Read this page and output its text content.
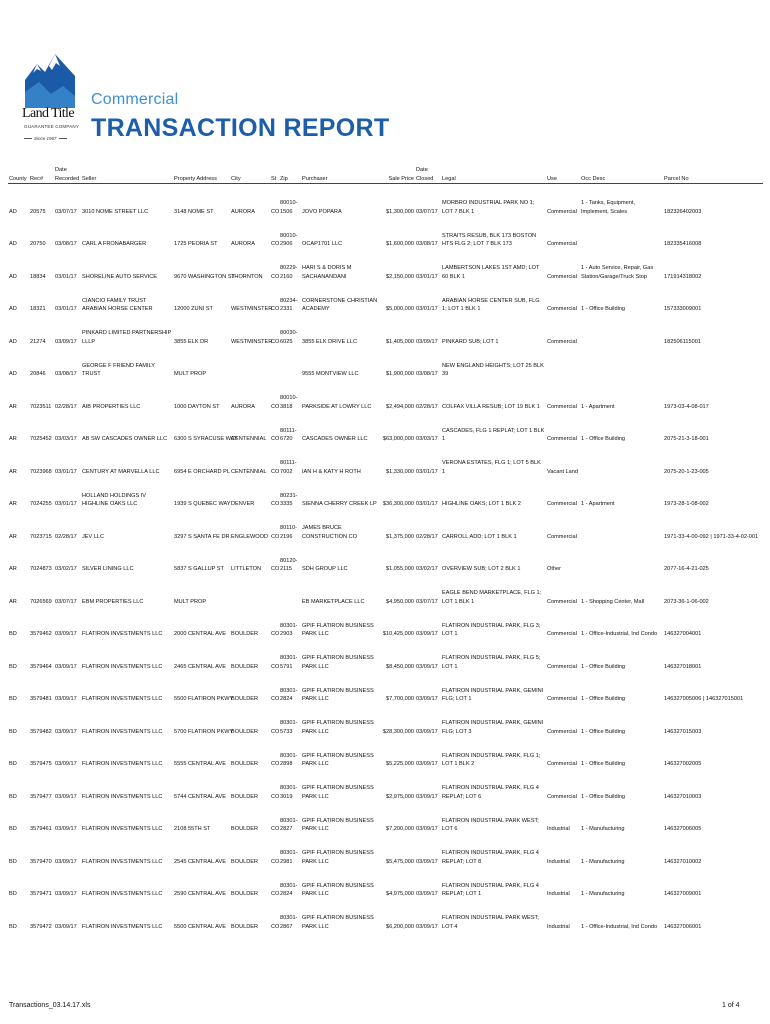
Land Title
GUARANTEE COMPANY
Since 1967
Commercial
TRANSACTION REPORT
County	Rec#	Date
Recorded	Seller	Property Address	City	St	Zip	Purchaser	Sale Price	Date
Closed	Legal	Use	Occ Desc	Parcel No

AD	20575	03/07/17	3010 NOME STREET LLC	3148 NOME ST	AURORA	CO	80010-1506	JOVO POPARA	$1,300,000	03/07/17	MORBRO INDUSTRIAL PARK NO 1; LOT 7 BLK 1	Commercial	1 - Tanks, Equipment, Implement, Scales	182326402003
AD	20750	03/08/17	CARL A FRONABARGER	1725 PEORIA ST	AURORA	CO	80010-2906	OCAP1701 LLC	$1,600,000	03/08/17	STRAITS RESUB, BLK 173 BOSTON HTS FLG 2; LOT 7 BLK 173	Commercial		182335416008
AD	18834	03/01/17	SHORELINE AUTO SERVICE	9670 WASHINGTON ST	THORNTON	CO	80229-2160	HARI S & DORIS M SACHANANDANI	$2,150,000	03/01/17	LAMBERTSON LAKES 1ST AMD; LOT 60 BLK 1	Commercial	1 - Auto Service, Repair, Gas Station/Garage/Truck Stop	171914318002
AD	18321	03/01/17	CIANCIO FAMILY TRUST ARABIAN HORSE CENTER	12000 ZUNI ST	WESTMINSTER	CO	80234-2331	CORNERSTONE CHRISTIAN ACADEMY	$5,000,000	03/01/17	ARABIAN HORSE CENTER SUB, FLG 1; LOT 1 BLK 1	Commercial	1 - Office Building	157333009001
AD	21274	03/09/17	PINKARD LIMITED PARTNERSHIP LLLP	3855 ELK DR	WESTMINSTER	CO	80030-6025	3855 ELK DRIVE LLC	$1,405,000	03/09/17	PINKARD SUB; LOT 1	Commercial		182506115001
AD	20846	03/08/17	GEORGE F FRIEND FAMILY TRUST	MULT PROP				9555 MONTVIEW LLC	$1,900,000	03/08/17	NEW ENGLAND HEIGHTS; LOT 25 BLK 39			
AR	7023511	02/28/17	AIB PROPERTIES LLC	1000 DAYTON ST	AURORA	CO	80010-3818	PARKSIDE AT LOWRY LLC	$2,494,000	02/28/17	COLFAX VILLA RESUB; LOT 19 BLK 1	Commercial	1 - Apartment	1973-03-4-08-017
AR	7025452	03/03/17	AB SW CASCADES OWNER LLC	6300 S SYRACUSE WAY	CENTENNIAL	CO	80111-6720	CASCADES OWNER LLC	$63,000,000	03/03/17	CASCADES, FLG 1 REPLAT; LOT 1 BLK 1	Commercial	1 - Office Building	2075-21-3-18-001
AR	7023968	03/01/17	CENTURY AT MARVELLA LLC	6954 E ORCHARD PL	CENTENNIAL	CO	80111-7002	IAN H & KATY H ROTH	$1,330,000	03/01/17	VERONA ESTATES, FLG 1; LOT 5 BLK 1	Vacant Land		2075-20-1-23-005
AR	7024255	03/01/17	HOLLAND HOLDINGS IV HIGHLINE OAKS LLC	1939 S QUEBEC WAY	DENVER	CO	80231-3335	SIENNA CHERRY CREEK LP	$36,300,000	03/01/17	HIGHLINE OAKS; LOT 1 BLK 2	Commercial	1 - Apartment	1973-28-1-08-002
AR	7023715	02/28/17	JEV LLC	3297 S SANTA FE DR	ENGLEWOOD	CO	80110-2196	JAMES BRUCE CONSTRUCTION CO	$1,375,000	02/28/17	CARROLL ADD; LOT 1 BLK 1	Commercial		1971-33-4-00-092 | 1971-33-4-02-001
AR	7024873	03/02/17	SILVER LINING LLC	5837 S GALLUP ST	LITTLETON	CO	80120-2115	SDH GROUP LLC	$1,055,000	03/02/17	OVERVIEW SUB; LOT 2 BLK 1	Other		2077-16-4-21-025
AR	7026569	03/07/17	EBM PROPERTIES LLC	MULT PROP				EB MARKETPLACE LLC	$4,950,000	03/07/17	EAGLE BEND MARKETPLACE, FLG 1; LOT 1 BLK 1	Commercial	1 - Shopping Center, Mall	2073-36-1-06-002
BD	3579462	03/09/17	FLATIRON INVESTMENTS LLC	2000 CENTRAL AVE	BOULDER	CO	80301-2903	GPIF FLATIRON BUSINESS PARK LLC	$10,425,000	03/09/17	FLATIRON INDUSTRIAL PARK, FLG 3; LOT 1	Commercial	1 - Office-Industrial, Ind Condo	146327004001
BD	3579464	03/09/17	FLATIRON INVESTMENTS LLC	2465 CENTRAL AVE	BOULDER	CO	80301-5791	GPIF FLATIRON BUSINESS PARK LLC	$8,450,000	03/09/17	FLATIRON INDUSTRIAL PARK, FLG 5; LOT 1	Commercial	1 - Office Building	146327018001
BD	3579481	03/09/17	FLATIRON INVESTMENTS LLC	5500 FLATIRON PKWY	BOULDER	CO	80301-2824	GPIF FLATIRON BUSINESS PARK LLC	$7,700,000	03/09/17	FLATIRON INDUSTRIAL PARK, GEMINI FLG; LOT 1	Commercial	1 - Office Building	146327005006 | 146327015001
BD	3579482	03/09/17	FLATIRON INVESTMENTS LLC	5700 FLATIRON PKWY	BOULDER	CO	80301-5733	GPIF FLATIRON BUSINESS PARK LLC	$28,300,000	03/09/17	FLATIRON INDUSTRIAL PARK, GEMINI FLG; LOT 3	Commercial	1 - Office Building	146327015003
BD	3579475	03/09/17	FLATIRON INVESTMENTS LLC	5555 CENTRAL AVE	BOULDER	CO	80301-2898	GPIF FLATIRON BUSINESS PARK LLC	$5,225,000	03/09/17	FLATIRON INDUSTRIAL PARK, FLG 1; LOT 1 BLK 2	Commercial	1 - Office Building	146327002005
BD	3579477	03/09/17	FLATIRON INVESTMENTS LLC	5744 CENTRAL AVE	BOULDER	CO	80301-3019	GPIF FLATIRON BUSINESS PARK LLC	$2,975,000	03/09/17	FLATIRON INDUSTRIAL PARK, FLG 4 REPLAT; LOT 6	Commercial	1 - Office Building	146327010003
BD	3579461	03/09/17	FLATIRON INVESTMENTS LLC	2108 55TH ST	BOULDER	CO	80301-2827	GPIF FLATIRON BUSINESS PARK LLC	$7,200,000	03/09/17	FLATIRON INDUSTRIAL PARK WEST; LOT 6	Industrial	1 - Manufacturing	146327006005
BD	3579470	03/09/17	FLATIRON INVESTMENTS LLC	2545 CENTRAL AVE	BOULDER	CO	80301-2981	GPIF FLATIRON BUSINESS PARK LLC	$5,475,000	03/09/17	FLATIRON INDUSTRIAL PARK, FLG 4 REPLAT; LOT 8	Industrial	1 - Manufacturing	146327010002
BD	3579471	03/09/17	FLATIRON INVESTMENTS LLC	2590 CENTRAL AVE	BOULDER	CO	80301-2824	GPIF FLATIRON BUSINESS PARK LLC	$4,975,000	03/09/17	FLATIRON INDUSTRIAL PARK, FLG 4 REPLAT; LOT 1	Industrial	1 - Manufacturing	146327009001
BD	3579472	03/09/17	FLATIRON INVESTMENTS LLC	5500 CENTRAL AVE	BOULDER	CO	80301-2867	GPIF FLATIRON BUSINESS PARK LLC	$6,200,000	03/09/17	FLATIRON INDUSTRIAL PARK WEST; LOT 4	Industrial	1 - Office-Industrial, Ind Condo	146327006001
Transactions_03.14.17.xls	1 of 4
